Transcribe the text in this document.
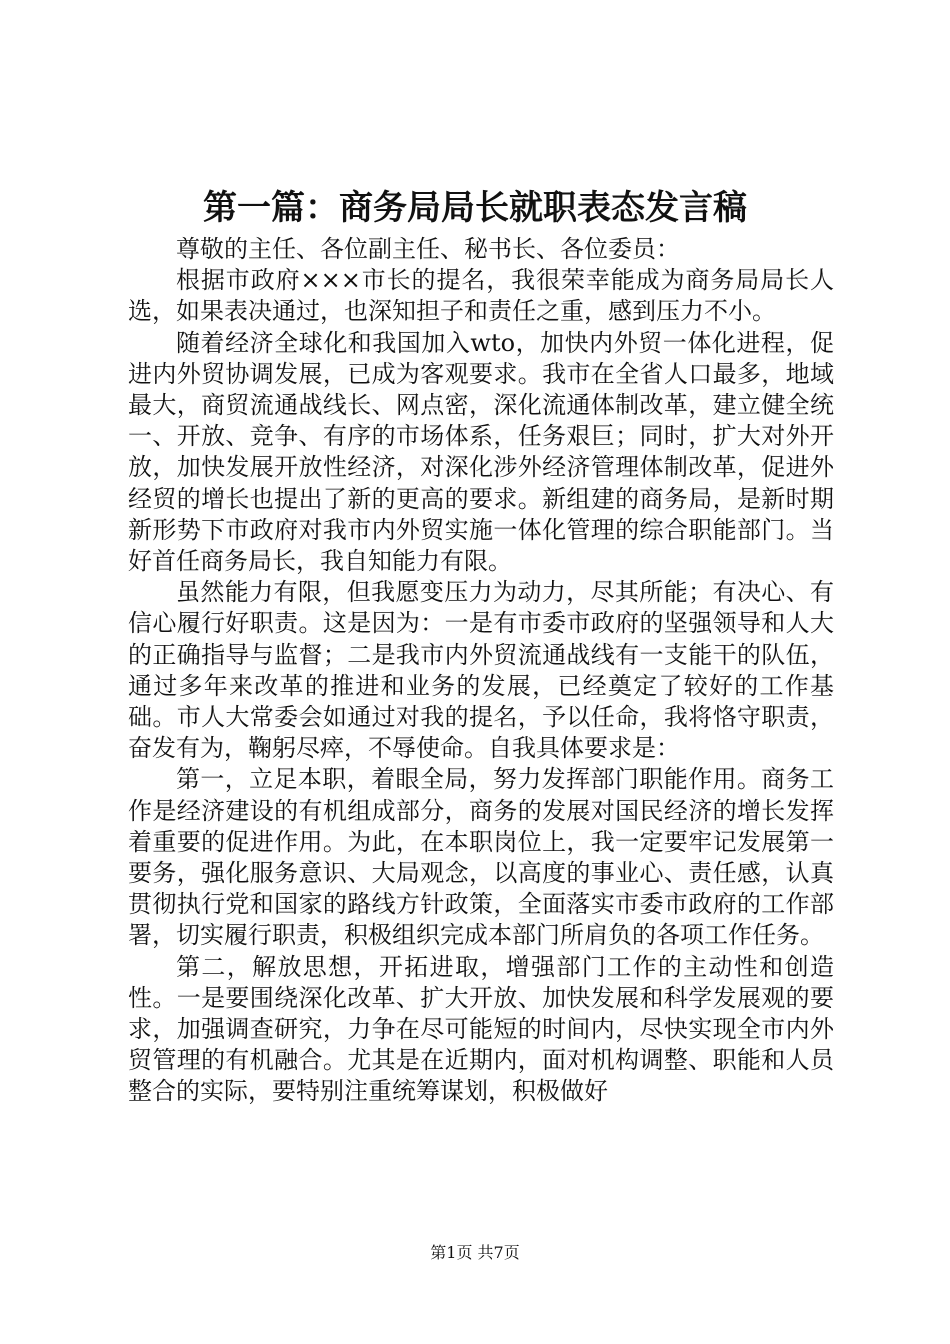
第一篇：商务局局长就职表态发言稿

尊敬的主任、各位副主任、秘书长、各位委员：

根据市政府×××市长的提名，我很荣幸能成为商务局局长人选，如果表决通过，也深知担子和责任之重，感到压力不小。

随着经济全球化和我国加入wto，加快内外贸一体化进程，促进内外贸协调发展，已成为客观要求。我市在全省人口最多，地域最大，商贸流通战线长、网点密，深化流通体制改革，建立健全统一、开放、竞争、有序的市场体系，任务艰巨；同时，扩大对外开放，加快发展开放性经济，对深化涉外经济管理体制改革，促进外经贸的增长也提出了新的更高的要求。新组建的商务局，是新时期新形势下市政府对我市内外贸实施一体化管理的综合职能部门。当好首任商务局长，我自知能力有限。

虽然能力有限，但我愿变压力为动力，尽其所能；有决心、有信心履行好职责。这是因为：一是有市委市政府的坚强领导和人大的正确指导与监督；二是我市内外贸流通战线有一支能干的队伍，通过多年来改革的推进和业务的发展，已经奠定了较好的工作基础。市人大常委会如通过对我的提名，予以任命，我将恪守职责，奋发有为，鞠躬尽瘁，不辱使命。自我具体要求是：

第一，立足本职，着眼全局，努力发挥部门职能作用。商务工作是经济建设的有机组成部分，商务的发展对国民经济的增长发挥着重要的促进作用。为此，在本职岗位上，我一定要牢记发展第一要务，强化服务意识、大局观念，以高度的事业心、责任感，认真贯彻执行党和国家的路线方针政策，全面落实市委市政府的工作部署，切实履行职责，积极组织完成本部门所肩负的各项工作任务。

第二，解放思想，开拓进取，增强部门工作的主动性和创造性。一是要围绕深化改革、扩大开放、加快发展和科学发展观的要求，加强调查研究，力争在尽可能短的时间内，尽快实现全市内外贸管理的有机融合。尤其是在近期内，面对机构调整、职能和人员整合的实际，要特别注重统筹谋划，积极做好

第1页 共7页
